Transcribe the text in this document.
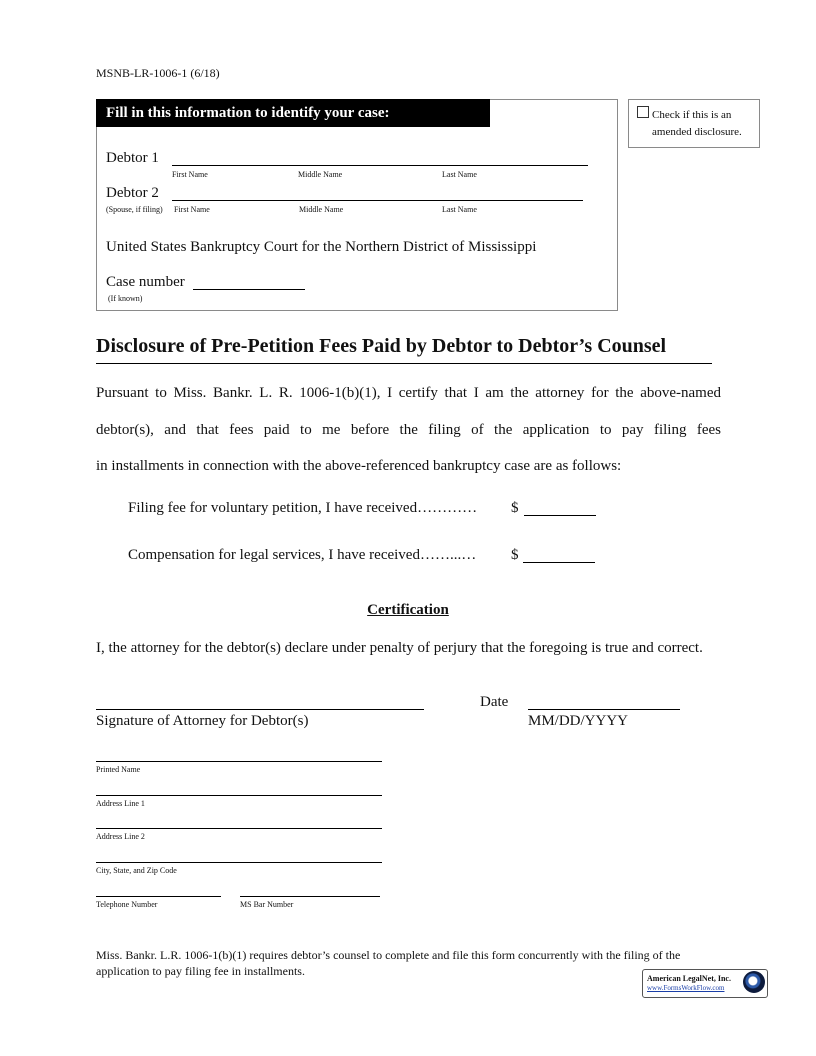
MSNB-LR-1006-1 (6/18)
Fill in this information to identify your case:
Debtor 1
First Name	Middle Name	Last Name
Debtor 2
(Spouse, if filing) First Name	Middle Name	Last Name
United States Bankruptcy Court for the Northern District of Mississippi
Case number
(If known)
Check if this is an
amended disclosure.
Disclosure of Pre-Petition Fees Paid by Debtor to Debtor’s Counsel
Pursuant to Miss. Bankr. L. R. 1006-1(b)(1), I certify that I am the attorney for the above-named
debtor(s), and that fees paid to me before the filing of the application to pay filing fees
in installments in connection with the above-referenced bankruptcy case are as follows:
Filing fee for voluntary petition, I have received………… $
Compensation for legal services, I have received……...… $
Certification
I, the attorney for the debtor(s) declare under penalty of perjury that the foregoing is true and correct.
Signature of Attorney for Debtor(s)
Date
MM/DD/YYYY
Printed Name
Address Line 1
Address Line 2
City, State, and Zip Code
Telephone Number	MS Bar Number
Miss. Bankr. L.R. 1006-1(b)(1) requires debtor’s counsel to complete and file this form concurrently with the filing of the application to pay filing fee in installments.
American LegalNet, Inc.
www.FormsWorkFlow.com
